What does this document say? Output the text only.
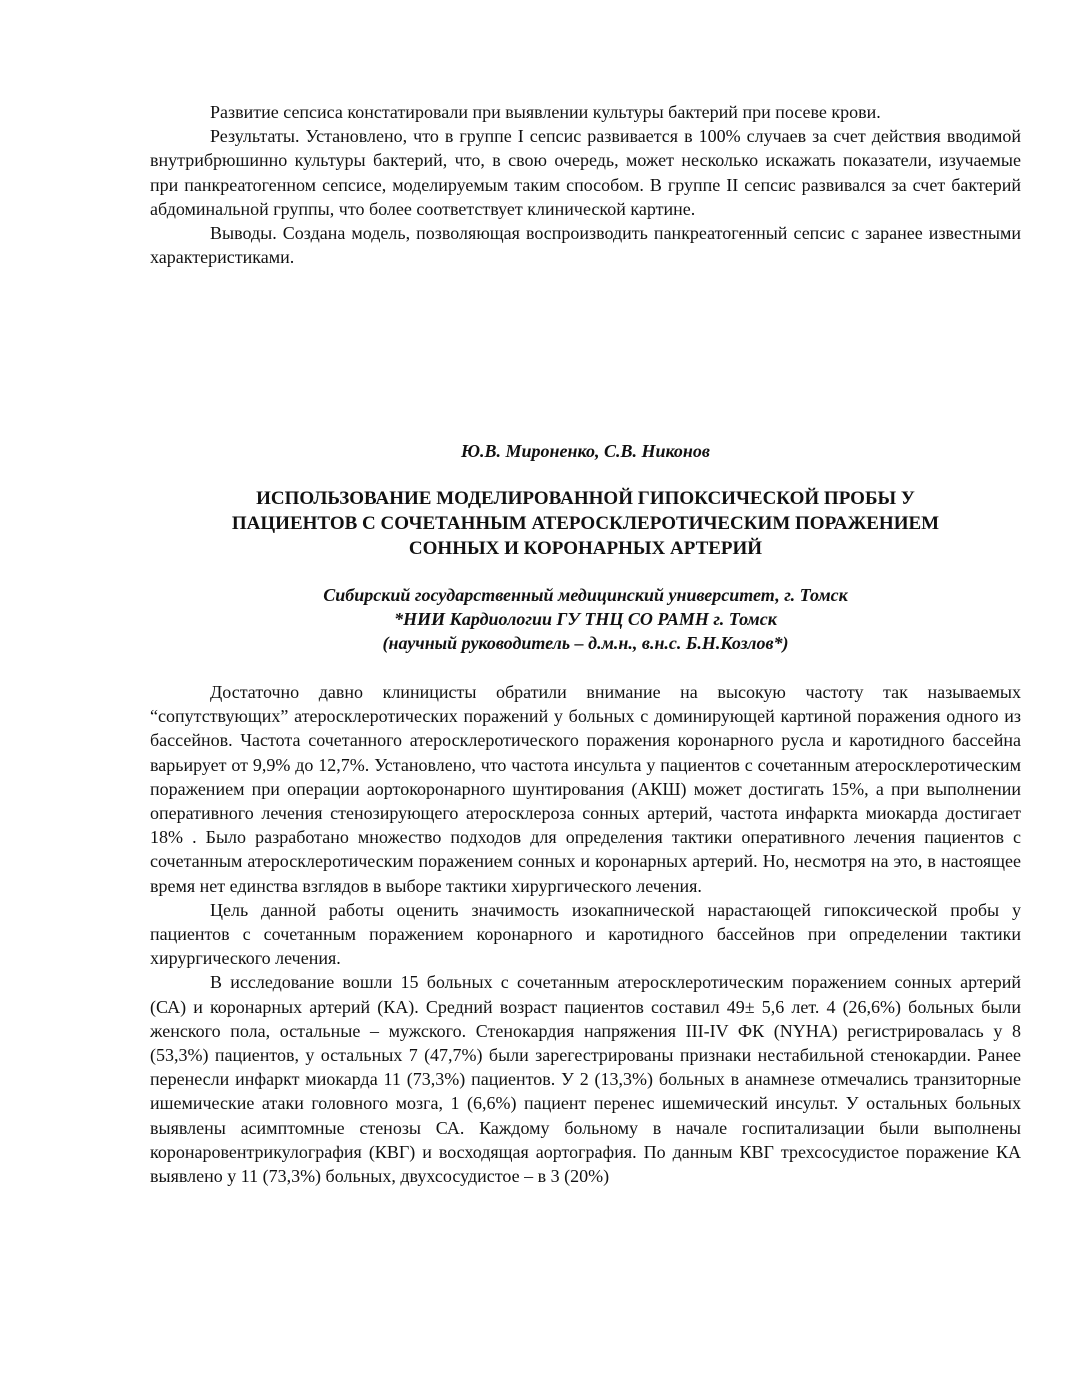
Развитие сепсиса констатировали при выявлении культуры бактерий при посеве крови.

Результаты. Установлено, что в группе I сепсис развивается в 100% случаев за счет действия вводимой внутрибрюшинно культуры бактерий, что, в свою очередь, может несколько искажать показатели, изучаемые при панкреатогенном сепсисе, моделируемым таким способом. В группе II сепсис развивался за счет бактерий абдоминальной группы, что более соответствует клинической картине.

Выводы. Создана модель, позволяющая воспроизводить панкреатогенный сепсис с заранее известными характеристиками.

Ю.В. Мироненко, С.В. Никонов
ИСПОЛЬЗОВАНИЕ МОДЕЛИРОВАННОЙ ГИПОКСИЧЕСКОЙ ПРОБЫ У
ПАЦИЕНТОВ С СОЧЕТАННЫМ АТЕРОСКЛЕРОТИЧЕСКИМ ПОРАЖЕНИЕМ
СОННЫХ И КОРОНАРНЫХ АРТЕРИЙ
Сибирский государственный медицинский университет, г. Томск
*НИИ Кардиологии ГУ ТНЦ СО РАМН г. Томск
(научный руководитель – д.м.н., в.н.с. Б.Н.Козлов*)

Достаточно давно клиницисты обратили внимание на высокую частоту так называемых “сопутствующих” атеросклеротических поражений у больных с доминирующей картиной поражения одного из бассейнов. Частота сочетанного атеросклеротического поражения коронарного русла и каротидного бассейна варьирует от 9,9% до 12,7%. Установлено, что частота инсульта у пациентов с сочетанным атеросклеротическим поражением при операции аортокоронарного шунтирования (АКШ) может достигать 15%, а при выполнении оперативного лечения стенозирующего атеросклероза сонных артерий, частота инфаркта миокарда достигает 18% . Было разработано множество подходов для определения тактики оперативного лечения пациентов с сочетанным атеросклеротическим поражением сонных и коронарных артерий. Но, несмотря на это, в настоящее время нет единства взглядов в выборе тактики хирургического лечения.

Цель данной работы оценить значимость изокапнической нарастающей гипоксической пробы у пациентов с сочетанным поражением коронарного и каротидного бассейнов при определении тактики хирургического лечения.

В исследование вошли 15 больных с сочетанным атеросклеротическим поражением сонных артерий (СА) и коронарных артерий (КА). Средний возраст пациентов составил 49± 5,6 лет. 4 (26,6%) больных были женского пола, остальные – мужского. Стенокардия напряжения III-IV ФК (NYHA) регистрировалась у 8 (53,3%) пациентов, у остальных 7 (47,7%) были зарегестрированы признаки нестабильной стенокардии. Ранее перенесли инфаркт миокарда 11 (73,3%) пациентов. У 2 (13,3%) больных в анамнезе отмечались транзиторные ишемические атаки головного мозга, 1 (6,6%) пациент перенес ишемический инсульт. У остальных больных выявлены асимптомные стенозы СА. Каждому больному в начале госпитализации были выполнены коронаровентрикулография (КВГ) и восходящая аортография. По данным КВГ трехсосудистое поражение КА выявлено у 11 (73,3%) больных, двухсосудистое – в 3 (20%)
